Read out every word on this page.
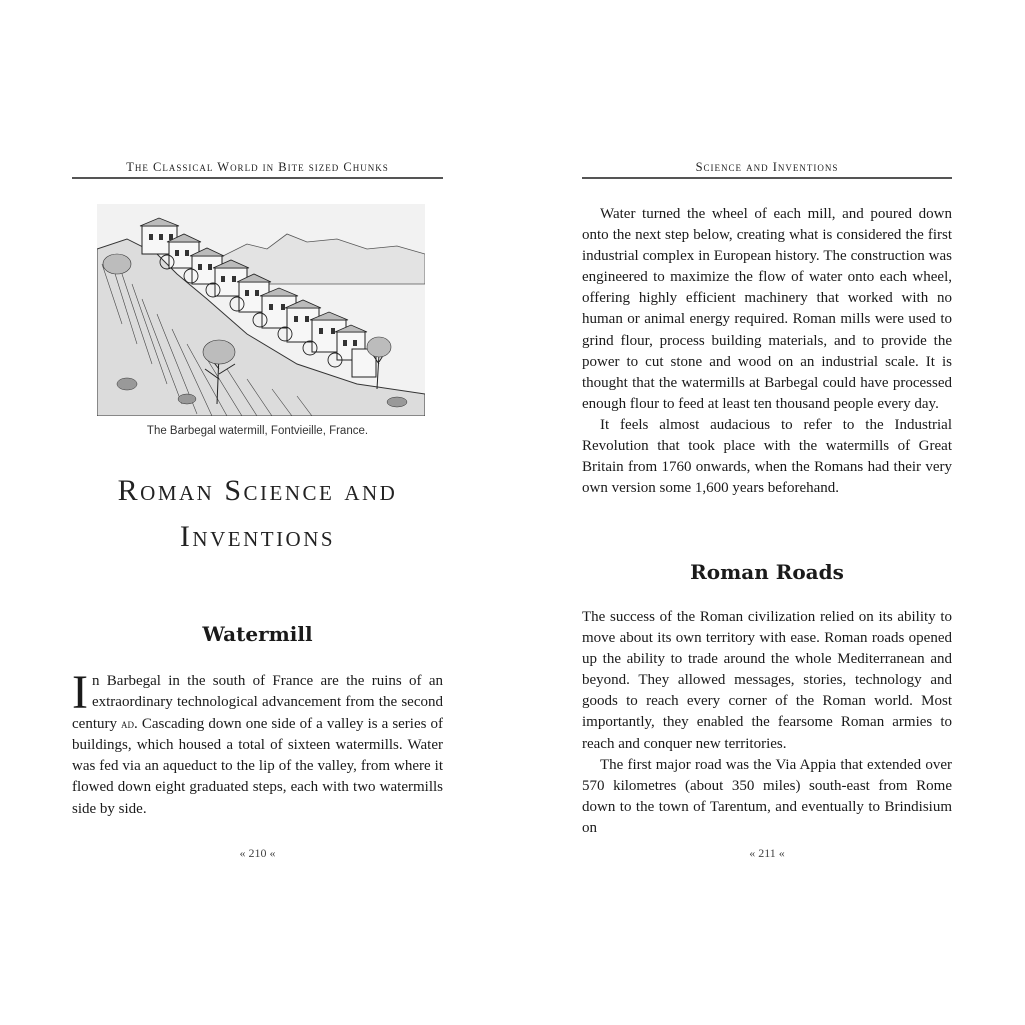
The Classical World in Bite sized Chunks
The Barbegal watermill, Fontvieille, France.
Roman Science and
Inventions
Watermill

In Barbegal in the south of France are the ruins of an extraordinary technological advancement from the second century ad. Cascading down one side of a valley is a series of buildings, which housed a total of sixteen watermills. Water was fed via an aqueduct to the lip of the valley, from where it flowed down eight graduated steps, each with two watermills side by side.

« 210 «
Science and Inventions

Water turned the wheel of each mill, and poured down onto the next step below, creating what is considered the first industrial complex in European history. The construction was engineered to maximize the flow of water onto each wheel, offering highly efficient machinery that worked with no human or animal energy required. Roman mills were used to grind flour, process building materials, and to provide the power to cut stone and wood on an industrial scale. It is thought that the watermills at Barbegal could have processed enough flour to feed at least ten thousand people every day.

It feels almost audacious to refer to the Industrial Revolution that took place with the watermills of Great Britain from 1760 onwards, when the Romans had their very own version some 1,600 years beforehand.

Roman Roads

The success of the Roman civilization relied on its ability to move about its own territory with ease. Roman roads opened up the ability to trade around the whole Mediterranean and beyond. They allowed messages, stories, technology and goods to reach every corner of the Roman world. Most importantly, they enabled the fearsome Roman armies to reach and conquer new territories.

The first major road was the Via Appia that extended over 570 kilometres (about 350 miles) south-east from Rome down to the town of Tarentum, and eventually to Brindisium on

« 211 «
